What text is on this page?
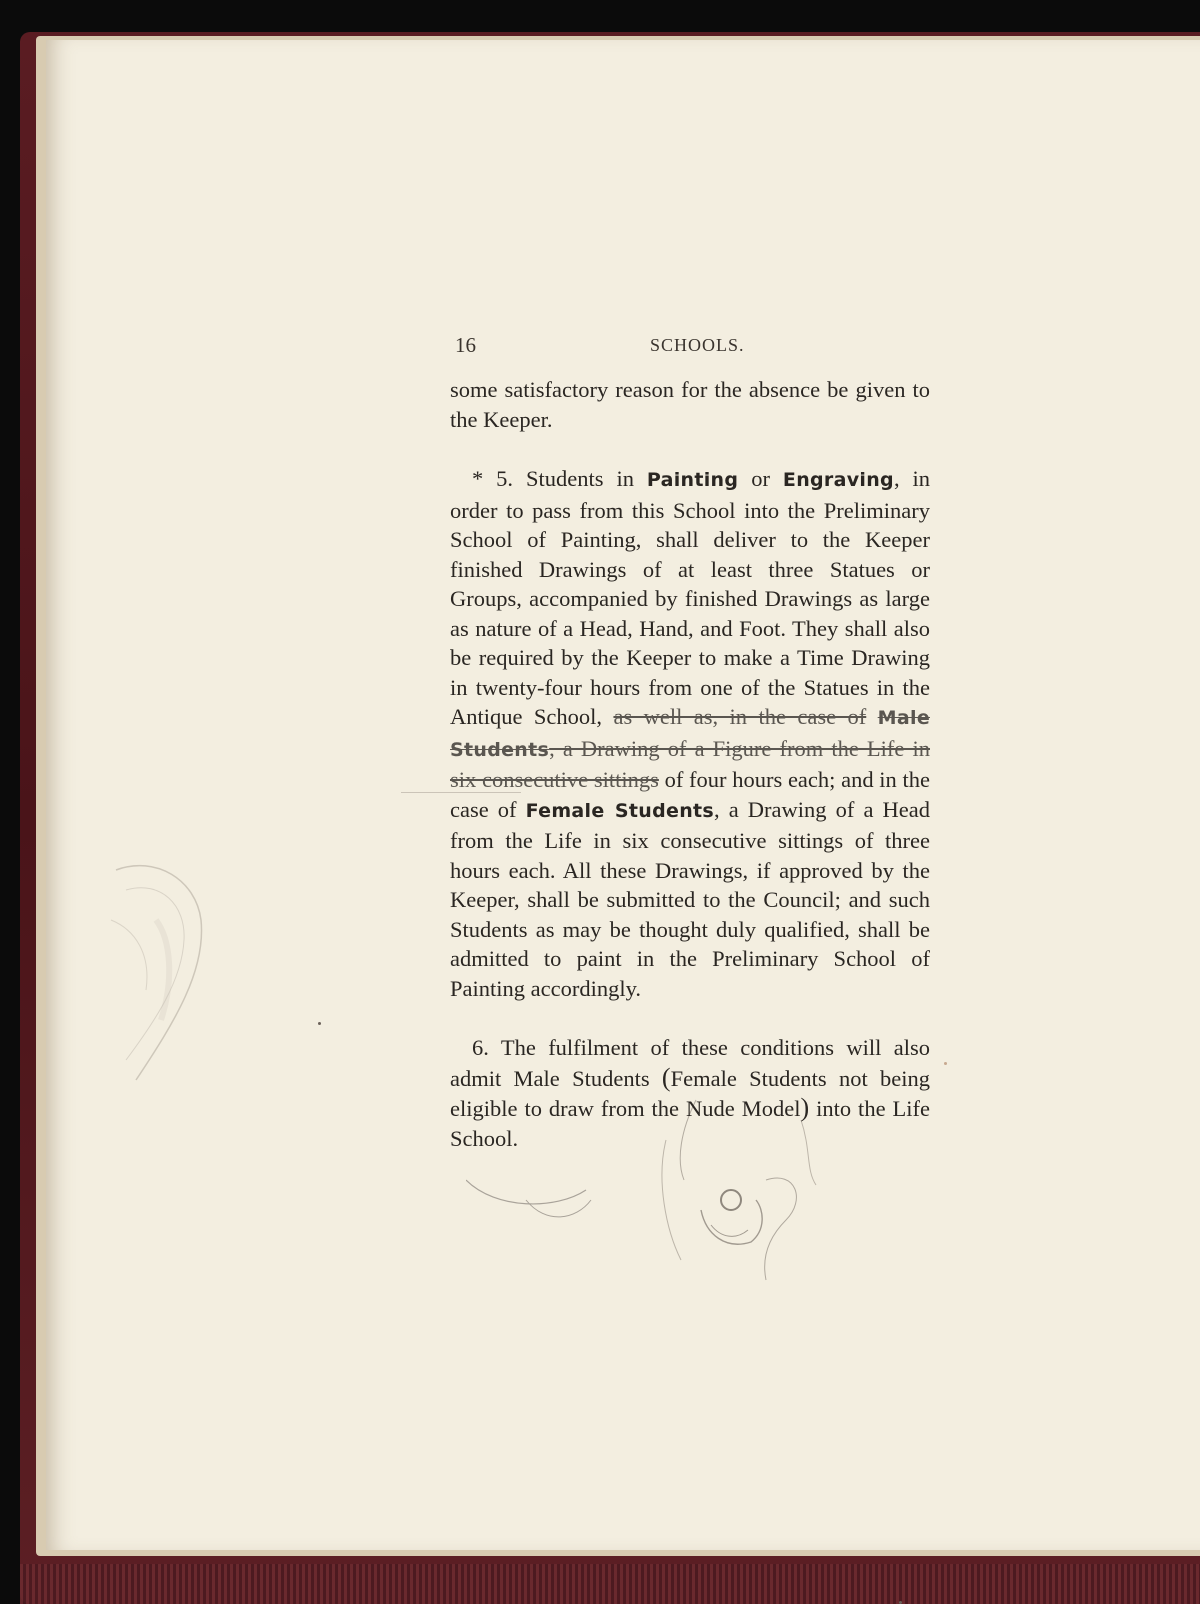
16	SCHOOLS.

some satisfactory reason for the absence be given to the Keeper.

* 5. Students in Painting or Engraving, in order to pass from this School into the Preliminary School of Painting, shall deliver to the Keeper finished Drawings of at least three Statues or Groups, accompanied by finished Drawings as large as nature of a Head, Hand, and Foot. They shall also be required by the Keeper to make a Time Drawing in twenty-four hours from one of the Statues in the Antique School, as well as, in the case of Male Students, a Drawing of a Figure from the Life in six consecutive sittings of four hours each; and in the case of Female Students, a Drawing of a Head from the Life in six consecutive sittings of three hours each. All these Drawings, if approved by the Keeper, shall be submitted to the Council; and such Students as may be thought duly qualified, shall be admitted to paint in the Preliminary School of Painting accordingly.

6. The fulfilment of these conditions will also admit Male Students (Female Students not being eligible to draw from the Nude Model) into the Life School.
